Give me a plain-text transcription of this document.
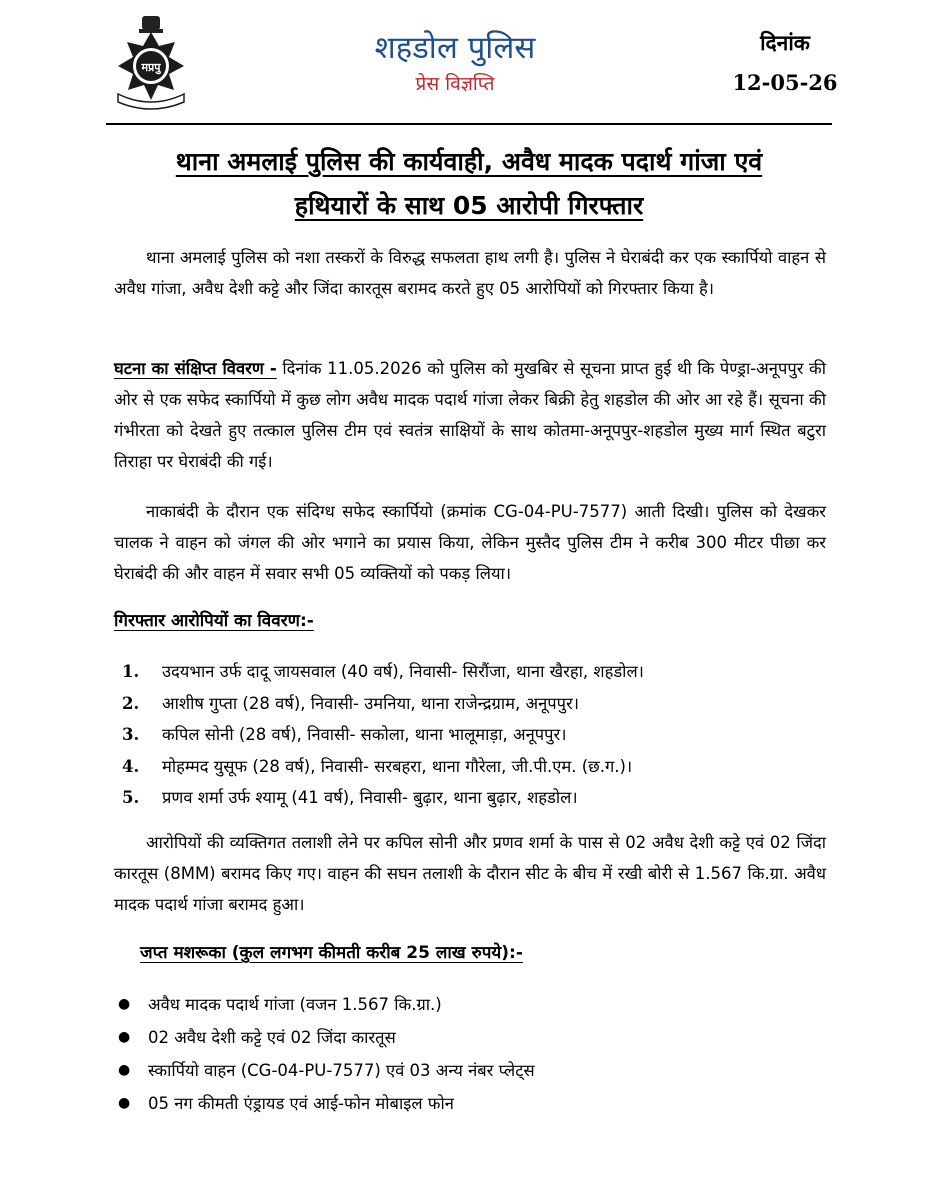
मप्रपु
शहडोल पुलिस
प्रेस विज्ञप्ति
दिनांक
12-05-26
थाना अमलाई पुलिस की कार्यवाही, अवैध मादक पदार्थ गांजा एवं
हथियारों के साथ 05 आरोपी गिरफ्तार

थाना अमलाई पुलिस को नशा तस्करों के विरुद्ध सफलता हाथ लगी है। पुलिस ने घेराबंदी कर एक स्कार्पियो वाहन से अवैध गांजा, अवैध देशी कट्टे और जिंदा कारतूस बरामद करते हुए 05 आरोपियों को गिरफ्तार किया है।

घटना का संक्षिप्त विवरण - दिनांक 11.05.2026 को पुलिस को मुखबिर से सूचना प्राप्त हुई थी कि पेण्ड्रा-अनूपपुर की ओर से एक सफेद स्कार्पियो में कुछ लोग अवैध मादक पदार्थ गांजा लेकर बिक्री हेतु शहडोल की ओर आ रहे हैं। सूचना की गंभीरता को देखते हुए तत्काल पुलिस टीम एवं स्वतंत्र साक्षियों के साथ कोतमा-अनूपपुर-शहडोल मुख्य मार्ग स्थित बटुरा तिराहा पर घेराबंदी की गई।

नाकाबंदी के दौरान एक संदिग्ध सफेद स्कार्पियो (क्रमांक CG-04-PU-7577) आती दिखी। पुलिस को देखकर चालक ने वाहन को जंगल की ओर भगाने का प्रयास किया, लेकिन मुस्तैद पुलिस टीम ने करीब 300 मीटर पीछा कर घेराबंदी की और वाहन में सवार सभी 05 व्यक्तियों को पकड़ लिया।

गिरफ्तार आरोपियों का विवरण:-
1.	उदयभान उर्फ दादू जायसवाल (40 वर्ष), निवासी- सिरौंजा, थाना खैरहा, शहडोल।
2.	आशीष गुप्ता (28 वर्ष), निवासी- उमनिया, थाना राजेन्द्रग्राम, अनूपपुर।
3.	कपिल सोनी (28 वर्ष), निवासी- सकोला, थाना भालूमाड़ा, अनूपपुर।
4.	मोहम्मद युसूफ (28 वर्ष), निवासी- सरबहरा, थाना गौरेला, जी.पी.एम. (छ.ग.)।
5.	प्रणव शर्मा उर्फ श्यामू (41 वर्ष), निवासी- बुढ़ार, थाना बुढ़ार, शहडोल।

आरोपियों की व्यक्तिगत तलाशी लेने पर कपिल सोनी और प्रणव शर्मा के पास से 02 अवैध देशी कट्टे एवं 02 जिंदा कारतूस (8MM) बरामद किए गए। वाहन की सघन तलाशी के दौरान सीट के बीच में रखी बोरी से 1.567 कि.ग्रा. अवैध मादक पदार्थ गांजा बरामद हुआ।

जप्त मशरूका (कुल लगभग कीमती करीब 25 लाख रुपये):-
●	अवैध मादक पदार्थ गांजा (वजन 1.567 कि.ग्रा.)
●	02 अवैध देशी कट्टे एवं 02 जिंदा कारतूस
●	स्कार्पियो वाहन (CG-04-PU-7577) एवं 03 अन्य नंबर प्लेट्स
●	05 नग कीमती एंड्रायड एवं आई-फोन मोबाइल फोन
